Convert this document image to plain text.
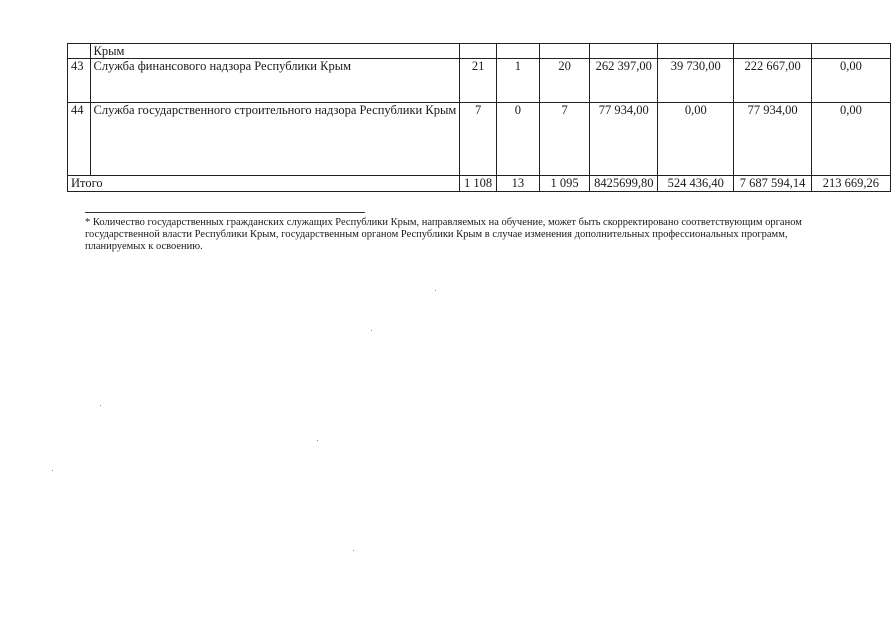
	Крым							
43	Служба финансового надзора Республики Крым	21	1	20	262 397,00	39 730,00	222 667,00	0,00
44	Служба государственного строительного надзора Республики Крым	7	0	7	77 934,00	0,00	77 934,00	0,00
Итого		1 108	13	1 095	8425699,80	524 436,40	7 687 594,14	213 669,26
* Количество государственных гражданских служащих Республики Крым, направляемых на обучение, может быть скорректировано соответствующим органом государственной власти Республики Крым, государственным органом Республики Крым в случае изменения дополнительных профессиональных программ, планируемых к освоению.
